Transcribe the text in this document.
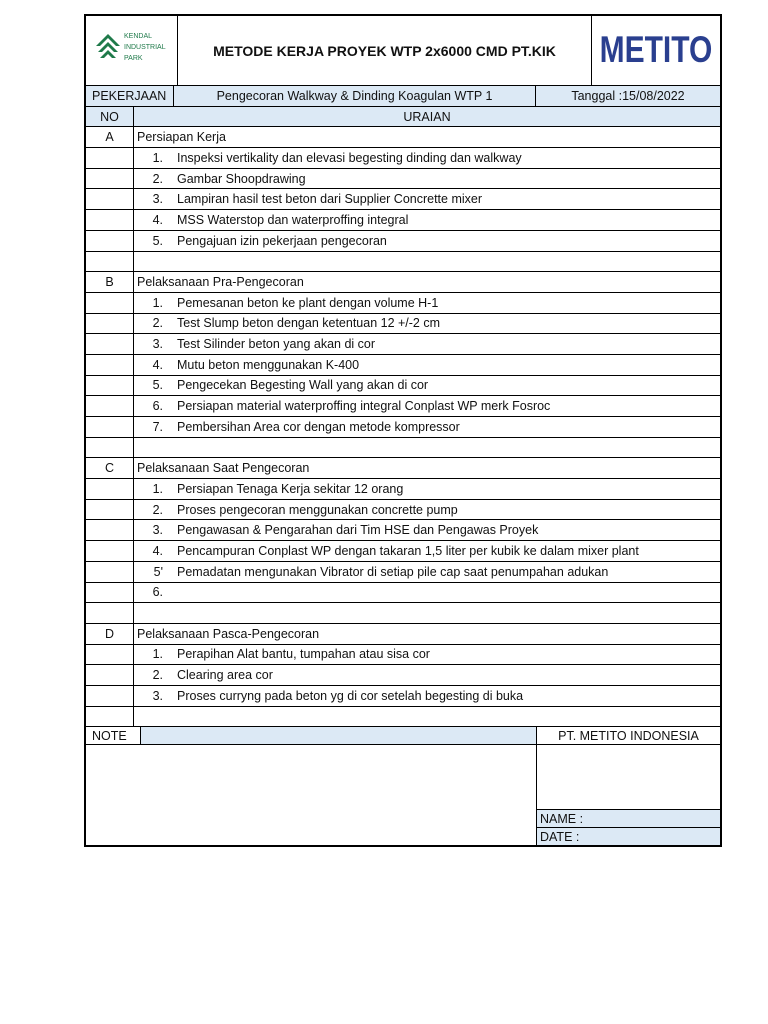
KENDAL
INDUSTRIAL
PARK	METODE KERJA PROYEK WTP 2x6000 CMD PT.KIK	METITO
PEKERJAAN	Pengecoran Walkway & Dinding Koagulan WTP 1	Tanggal :15/08/2022
NO	URAIAN
A	Persiapan Kerja
1.	Inspeksi vertikality dan elevasi begesting dinding dan walkway
2.	Gambar Shoopdrawing
3.	Lampiran hasil test beton dari Supplier Concrette mixer
4.	MSS Waterstop dan waterproffing integral
5.	Pengajuan izin pekerjaan pengecoran
B	Pelaksanaan Pra-Pengecoran
1.	Pemesanan beton ke plant dengan volume H-1
2.	Test Slump beton dengan ketentuan 12 +/-2 cm
3.	Test Silinder beton yang akan di cor
4.	Mutu beton menggunakan K-400
5.	Pengecekan Begesting Wall yang akan di cor
6.	Persiapan material waterproffing integral Conplast WP merk Fosroc
7.	Pembersihan Area cor dengan metode kompressor
C	Pelaksanaan Saat Pengecoran
1.	Persiapan Tenaga Kerja sekitar 12 orang
2.	Proses pengecoran menggunakan concrette pump
3.	Pengawasan & Pengarahan dari Tim HSE dan Pengawas Proyek
4.	Pencampuran Conplast WP dengan takaran 1,5 liter per kubik ke dalam mixer plant
5'	Pemadatan mengunakan Vibrator di setiap pile cap saat penumpahan adukan
6.
D	Pelaksanaan Pasca-Pengecoran
1.	Perapihan Alat bantu, tumpahan atau sisa cor
2.	Clearing area cor
3.	Proses curryng pada beton yg di cor setelah begesting di buka
NOTE	PT. METITO INDONESIA
NAME :
DATE :
